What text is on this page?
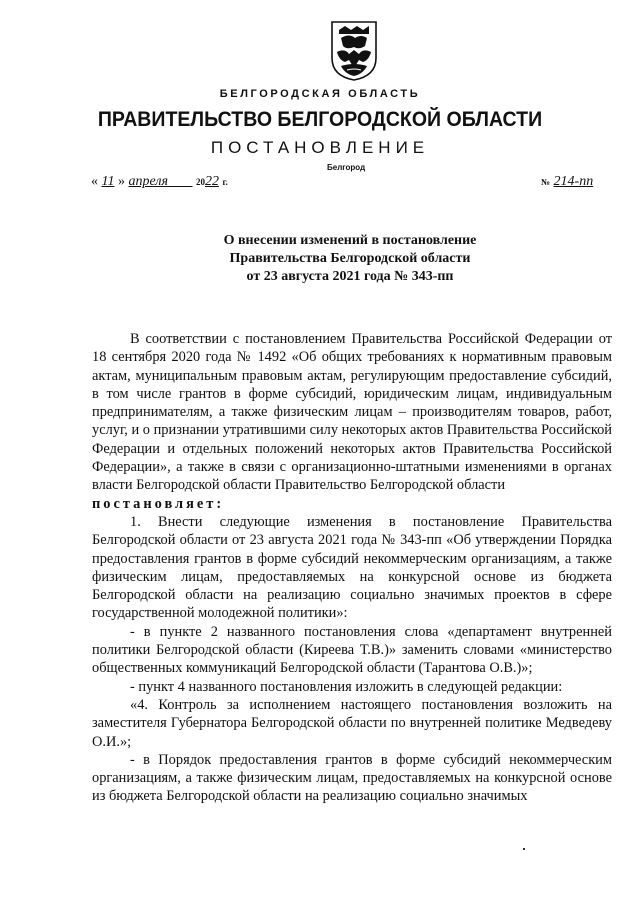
БЕЛГОРОДСКАЯ ОБЛАСТЬ
ПРАВИТЕЛЬСТВО БЕЛГОРОДСКОЙ ОБЛАСТИ
ПОСТАНОВЛЕНИЕ
Белгород
« 11 » апреля	2022 г.	№ 214-пп
О внесении изменений в постановление
Правительства Белгородской области
от 23 августа 2021 года № 343-пп

В соответствии с постановлением Правительства Российской Федерации от 18 сентября 2020 года № 1492 «Об общих требованиях к нормативным правовым актам, муниципальным правовым актам, регулирующим предоставление субсидий, в том числе грантов в форме субсидий, юридическим лицам, индивидуальным предпринимателям, а также физическим лицам – производителям товаров, работ, услуг, и о признании утратившими силу некоторых актов Правительства Российской Федерации и отдельных положений некоторых актов Правительства Российской Федерации», а также в связи с организационно-штатными изменениями в органах власти Белгородской области Правительство Белгородской области

постановляет:

1. Внести следующие изменения в постановление Правительства Белгородской области от 23 августа 2021 года № 343-пп «Об утверждении Порядка предоставления грантов в форме субсидий некоммерческим организациям, а также физическим лицам, предоставляемых на конкурсной основе из бюджета Белгородской области на реализацию социально значимых проектов в сфере государственной молодежной политики»:

- в пункте 2 названного постановления слова «департамент внутренней политики Белгородской области (Киреева Т.В.)» заменить словами «министерство общественных коммуникаций Белгородской области (Тарантова О.В.)»;

- пункт 4 названного постановления изложить в следующей редакции:

«4. Контроль за исполнением настоящего постановления возложить на заместителя Губернатора Белгородской области по внутренней политике Медведеву О.И.»;

- в Порядок предоставления грантов в форме субсидий некоммерческим организациям, а также физическим лицам, предоставляемых на конкурсной основе из бюджета Белгородской области на реализацию социально значимых
